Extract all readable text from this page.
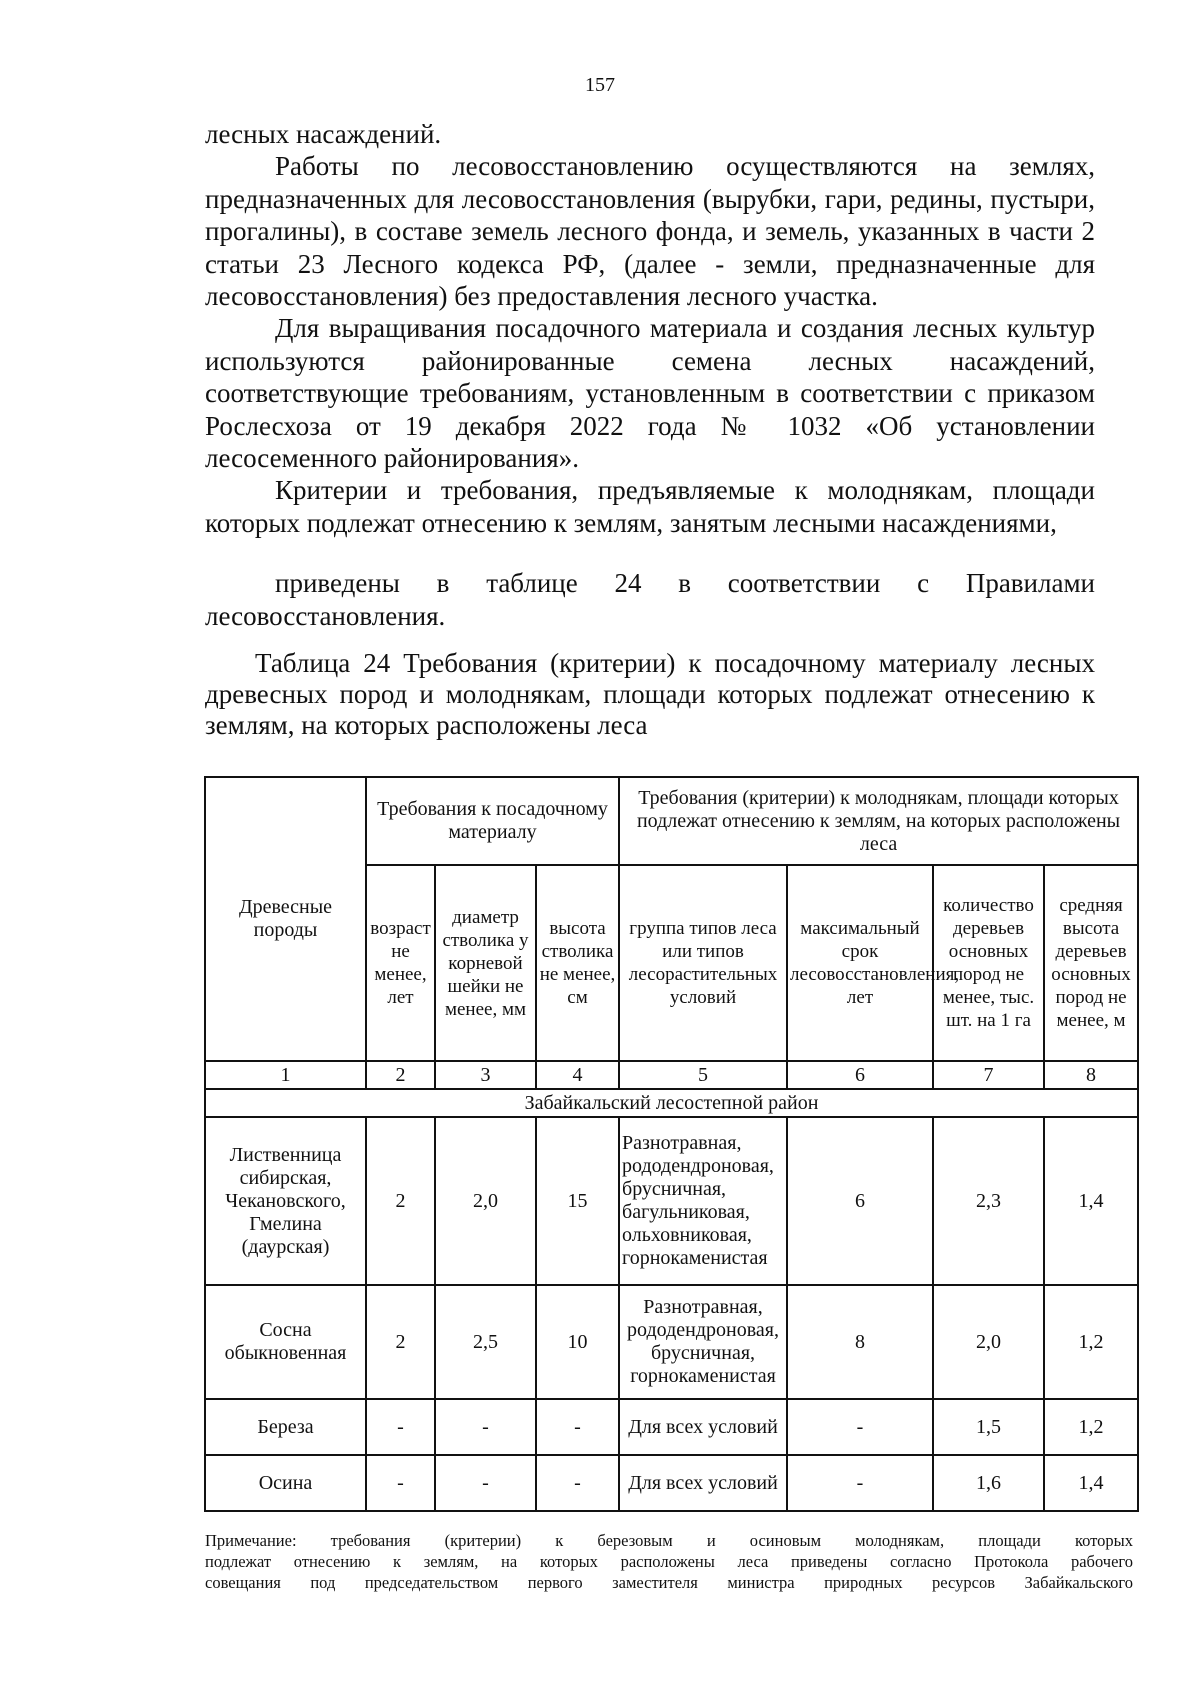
157

лесных насаждений.

Работы по лесовосстановлению осуществляются на землях, предназначенных для лесовосстановления (вырубки, гари, редины, пустыри, прогалины), в составе земель лесного фонда, и земель, указанных в части 2 статьи 23 Лесного кодекса РФ, (далее - земли, предназначенные для лесовосстановления) без предоставления лесного участка.

Для выращивания посадочного материала и создания лесных культур используются районированные семена лесных насаждений, соответствующие требованиям, установленным в соответствии с приказом Рослесхоза от 19 декабря 2022 года № 1032 «Об установлении лесосеменного районирования».

Критерии и требования, предъявляемые к молоднякам, площади которых подлежат отнесению к землям, занятым лесными насаждениями,

приведены в таблице 24 в соответствии с Правилами

лесовосстановления.

Таблица 24 Требования (критерии) к посадочному материалу лесных древесных пород и молоднякам, площади которых подлежат отнесению к землям, на которых расположены леса

Древесные породы	Требования к посадочному материалу			Требования (критерии) к молоднякам, площади которых подлежат отнесению к землям, на которых расположены леса			
	возраст не менее, лет	диаметр стволика у корневой шейки не менее, мм	высота стволика не менее, см	группа типов леса или типов лесорастительных условий	максимальный срок лесовосстановления, лет	количество деревьев основных пород не менее, тыс. шт. на 1 га	средняя высота деревьев основных пород не менее, м
1	2	3	4	5	6	7	8
Забайкальский лесостепной район							
Лиственница сибирская, Чекановского, Гмелина (даурская)	2	2,0	15	Разнотравная, рододендроновая, брусничная, багульниковая, ольховниковая, горнокаменистая	6	2,3	1,4
Сосна обыкновенная	2	2,5	10	Разнотравная, рододендроновая, брусничная, горнокаменистая	8	2,0	1,2
Береза	-	-	-	Для всех условий	-	1,5	1,2
Осина	-	-	-	Для всех условий	-	1,6	1,4
Примечание: требования (критерии) к березовым и осиновым молоднякам, площади которых
подлежат отнесению к землям, на которых расположены леса приведены согласно Протокола рабочего
совещания под председательством первого заместителя министра природных ресурсов Забайкальского
